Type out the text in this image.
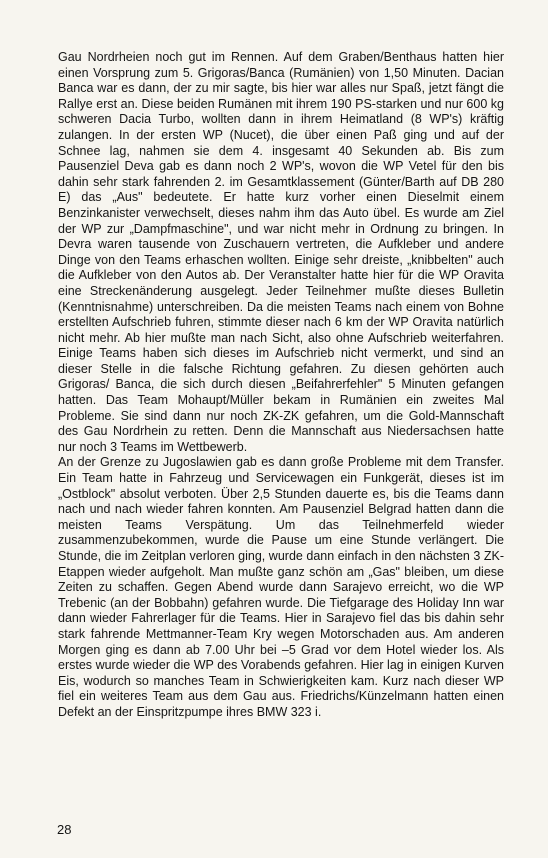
Gau Nordrheien noch gut im Rennen. Auf dem Graben/Benthaus hatten hier einen Vorsprung zum 5. Grigoras/Banca (Rumänien) von 1,50 Minuten. Dacian Banca war es dann, der zu mir sagte, bis hier war alles nur Spaß, jetzt fängt die Rallye erst an. Diese beiden Rumänen mit ihrem 190 PS-starken und nur 600 kg schweren Dacia Turbo, wollten dann in ihrem Heimatland (8 WP's) kräftig zulangen. In der ersten WP (Nucet), die über einen Paß ging und auf der Schnee lag, nahmen sie dem 4. insgesamt 40 Sekunden ab. Bis zum Pausenziel Deva gab es dann noch 2 WP's, wovon die WP Vetel für den bis dahin sehr stark fahrenden 2. im Gesamtklassement (Günter/Barth auf DB 280 E) das „Aus" bedeutete. Er hatte kurz vorher einen Dieselmit einem Benzinkanister verwechselt, dieses nahm ihm das Auto übel. Es wurde am Ziel der WP zur „Dampfmaschine", und war nicht mehr in Ordnung zu bringen. In Devra waren tausende von Zuschauern vertreten, die Aufkleber und andere Dinge von den Teams erhaschen wollten. Einige sehr dreiste, „knibbelten" auch die Aufkleber von den Autos ab. Der Veranstalter hatte hier für die WP Oravita eine Streckenänderung ausgelegt. Jeder Teilnehmer mußte dieses Bulletin (Kenntnisnahme) unterschreiben. Da die meisten Teams nach einem von Bohne erstellten Aufschrieb fuhren, stimmte dieser nach 6 km der WP Oravita natürlich nicht mehr. Ab hier mußte man nach Sicht, also ohne Aufschrieb weiterfahren. Einige Teams haben sich dieses im Aufschrieb nicht vermerkt, und sind an dieser Stelle in die falsche Richtung gefahren. Zu diesen gehörten auch Grigoras/ Banca, die sich durch diesen „Beifahrerfehler" 5 Minuten gefangen hatten. Das Team Mohaupt/Müller bekam in Rumänien ein zweites Mal Probleme. Sie sind dann nur noch ZK-ZK gefahren, um die Gold-Mannschaft des Gau Nordrhein zu retten. Denn die Mannschaft aus Niedersachsen hatte nur noch 3 Teams im Wettbewerb.

An der Grenze zu Jugoslawien gab es dann große Probleme mit dem Transfer. Ein Team hatte in Fahrzeug und Servicewagen ein Funkgerät, dieses ist im „Ostblock" absolut verboten. Über 2,5 Stunden dauerte es, bis die Teams dann nach und nach wieder fahren konnten. Am Pausenziel Belgrad hatten dann die meisten Teams Verspätung. Um das Teilnehmerfeld wieder zusammenzubekommen, wurde die Pause um eine Stunde verlängert. Die Stunde, die im Zeitplan verloren ging, wurde dann einfach in den nächsten 3 ZK-Etappen wieder aufgeholt. Man mußte ganz schön am „Gas" bleiben, um diese Zeiten zu schaffen. Gegen Abend wurde dann Sarajevo erreicht, wo die WP Trebenic (an der Bobbahn) gefahren wurde. Die Tiefgarage des Holiday Inn war dann wieder Fahrerlager für die Teams. Hier in Sarajevo fiel das bis dahin sehr stark fahrende Mettmanner-Team Kry wegen Motorschaden aus. Am anderen Morgen ging es dann ab 7.00 Uhr bei –5 Grad vor dem Hotel wieder los. Als erstes wurde wieder die WP des Vorabends gefahren. Hier lag in einigen Kurven Eis, wodurch so manches Team in Schwierigkeiten kam. Kurz nach dieser WP fiel ein weiteres Team aus dem Gau aus. Friedrichs/Künzelmann hatten einen Defekt an der Einspritzpumpe ihres BMW 323 i.

28
